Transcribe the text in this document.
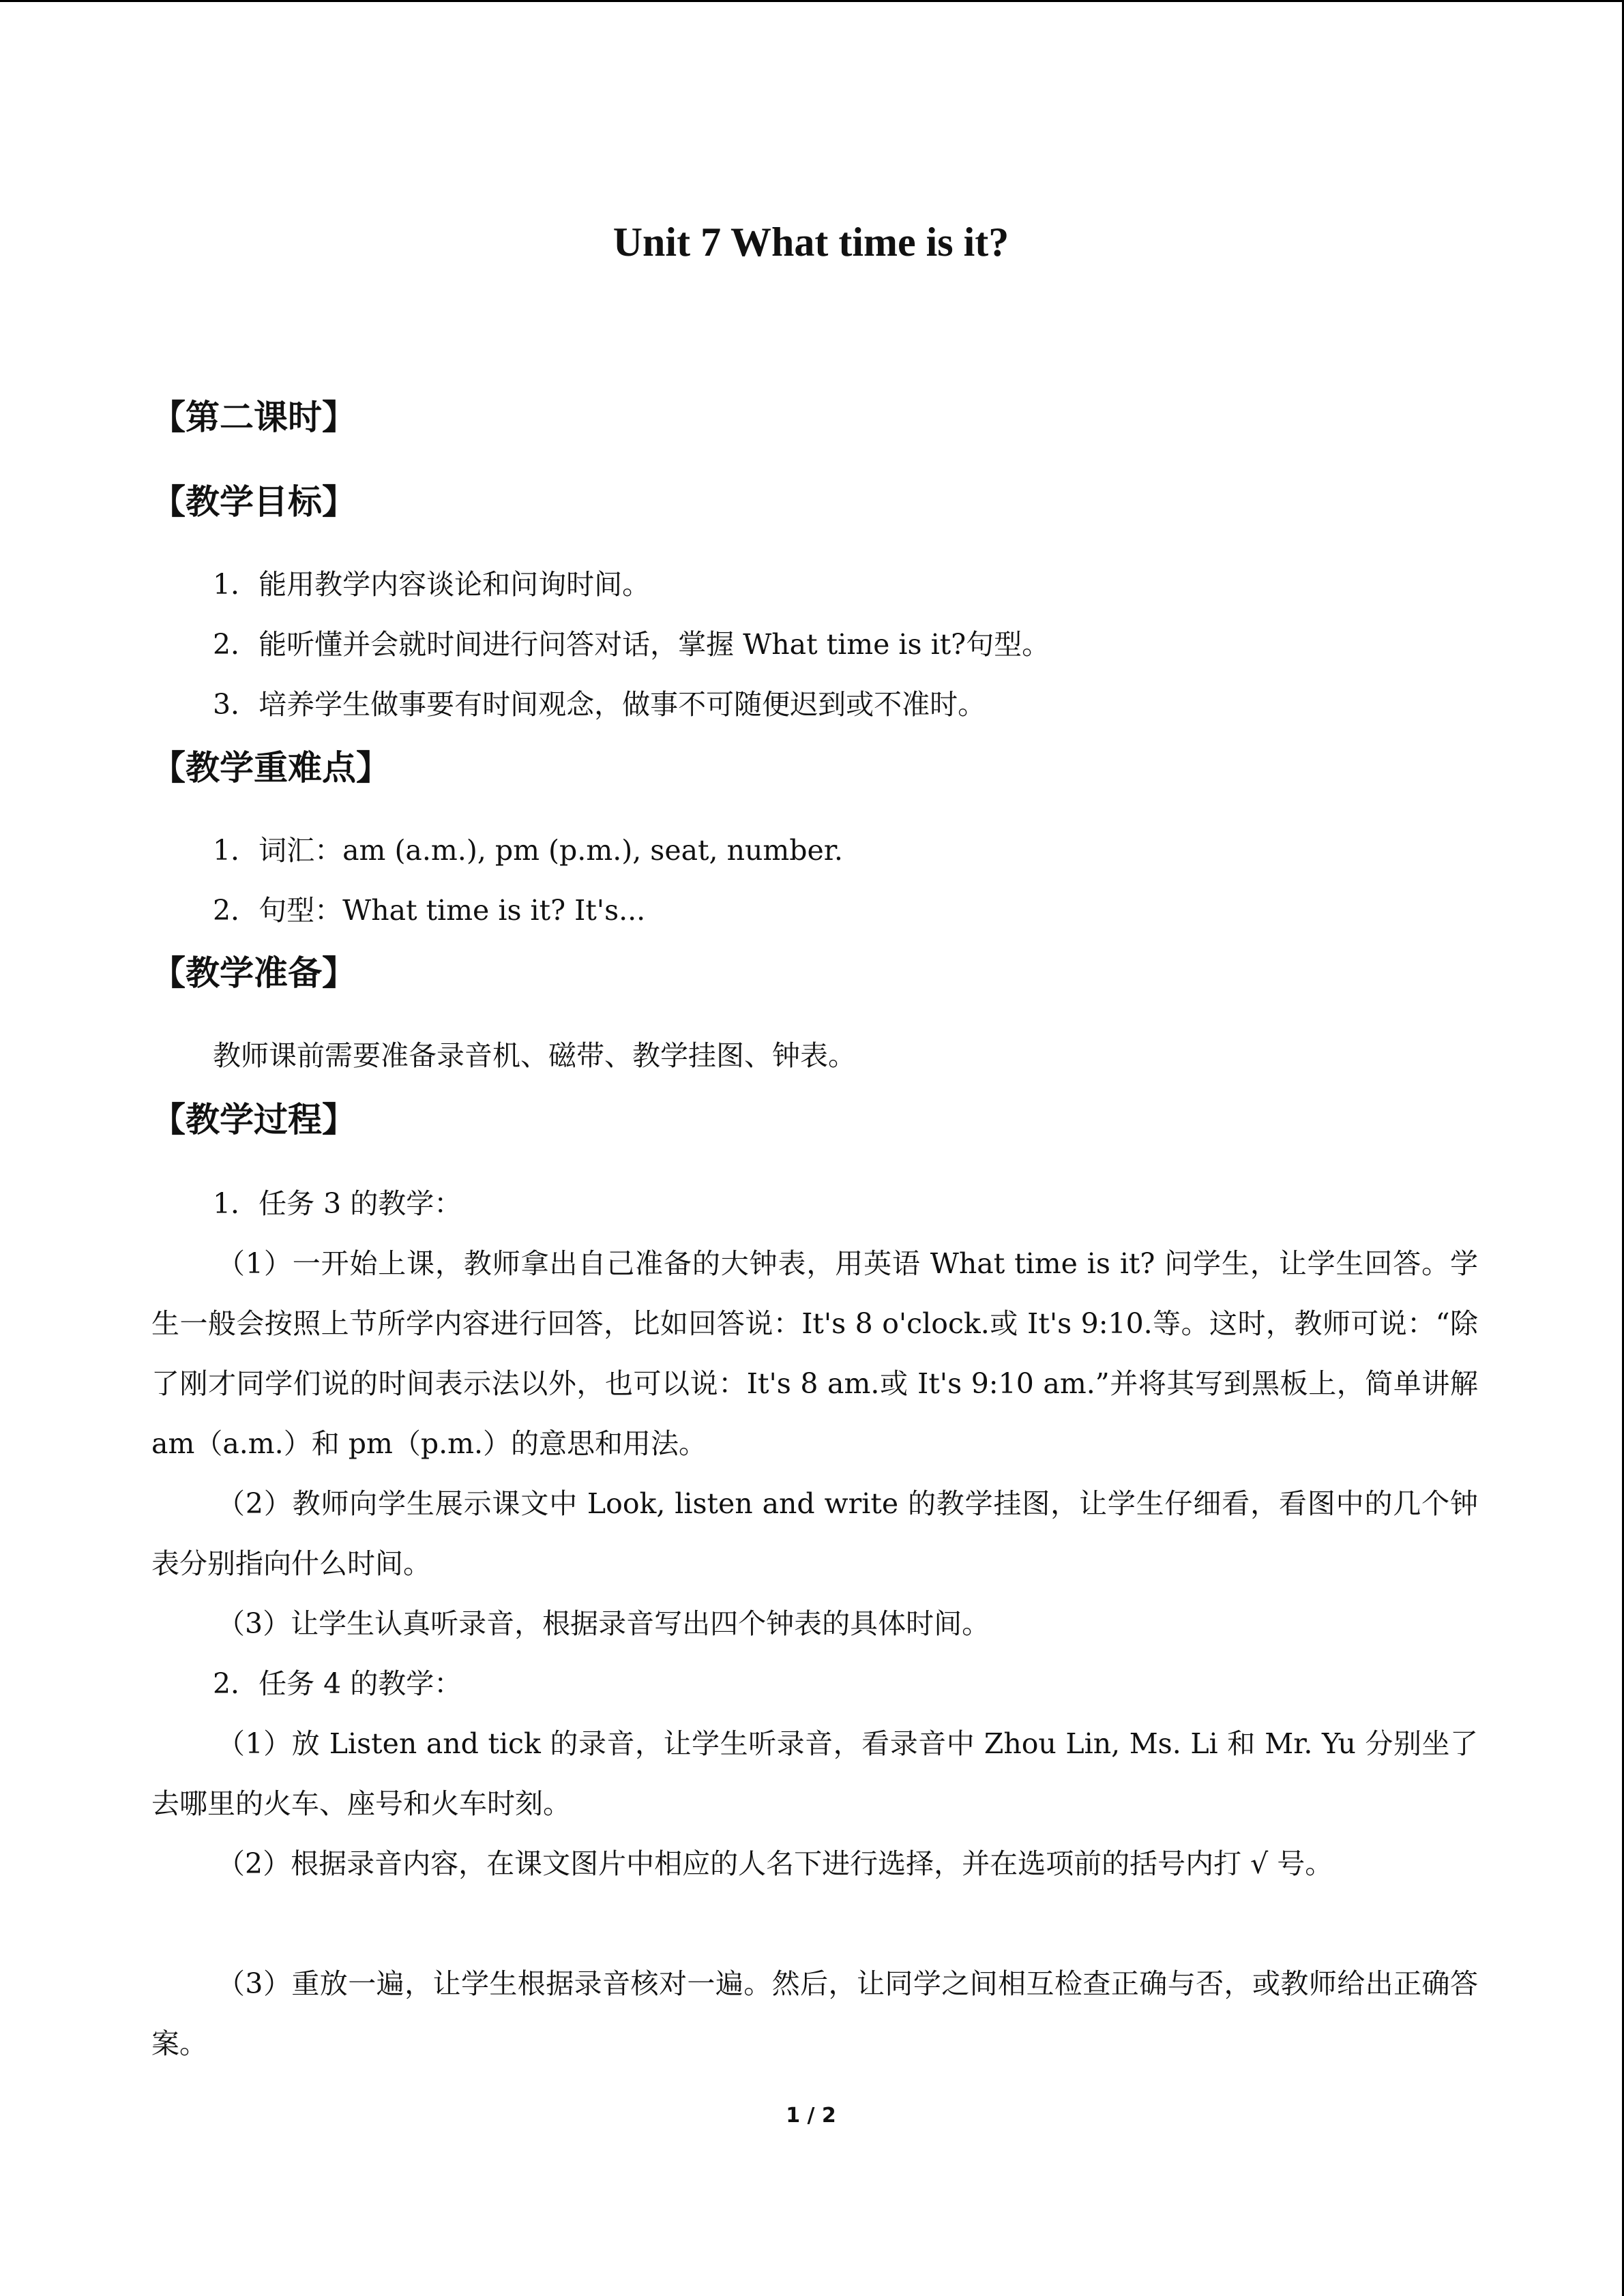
Unit 7 What time is it?
【第二课时】
【教学目标】
1．能用教学内容谈论和问询时间。
2．能听懂并会就时间进行问答对话，掌握 What time is it?句型。
3．培养学生做事要有时间观念，做事不可随便迟到或不准时。
【教学重难点】
1．词汇：am (a.m.), pm (p.m.), seat, number.
2．句型：What time is it? It's...
【教学准备】
教师课前需要准备录音机、磁带、教学挂图、钟表。
【教学过程】
1．任务 3 的教学：
（1）一开始上课，教师拿出自己准备的大钟表，用英语 What time is it? 问学生，让学生回答。学生一般会按照上节所学内容进行回答，比如回答说：It's 8 o'clock.或 It's 9:10.等。这时，教师可说：“除了刚才同学们说的时间表示法以外，也可以说：It's 8 am.或 It's 9:10 am.”并将其写到黑板上，简单讲解 am（a.m.）和 pm（p.m.）的意思和用法。
（2）教师向学生展示课文中 Look, listen and write 的教学挂图，让学生仔细看，看图中的几个钟表分别指向什么时间。
（3）让学生认真听录音，根据录音写出四个钟表的具体时间。
2．任务 4 的教学：
（1）放 Listen and tick 的录音，让学生听录音，看录音中 Zhou Lin, Ms. Li 和 Mr. Yu 分别坐了去哪里的火车、座号和火车时刻。
（2）根据录音内容，在课文图片中相应的人名下进行选择，并在选项前的括号内打 √ 号。
（3）重放一遍，让学生根据录音核对一遍。然后，让同学之间相互检查正确与否，或教师给出正确答案。
1 / 2
